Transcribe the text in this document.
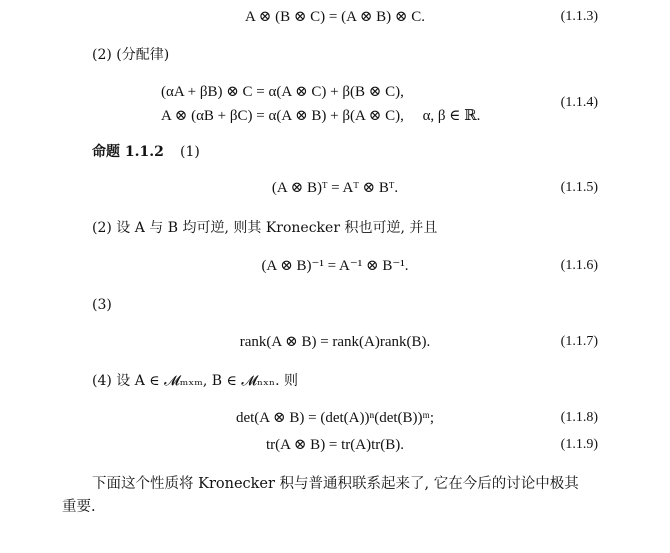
A ⊗ (B ⊗ C) = (A ⊗ B) ⊗ C.	(1.1.3)
(2) (分配律)
(αA + βB) ⊗ C = α(A ⊗ C) + β(B ⊗ C),
A ⊗ (αB + βC) = α(A ⊗ B) + β(A ⊗ C),     α, β ∈ ℝ.
(1.1.4)
命题 1.1.2 (1)
(A ⊗ B)ᵀ = Aᵀ ⊗ Bᵀ.	(1.1.5)
(2) 设 A 与 B 均可逆, 则其 Kronecker 积也可逆, 并且
(A ⊗ B)⁻¹ = A⁻¹ ⊗ B⁻¹.	(1.1.6)
(3)
rank(A ⊗ B) = rank(A)rank(B).	(1.1.7)
(4) 设 A ∈ 𝓜ₘₓₘ, B ∈ 𝓜ₙₓₙ. 则
det(A ⊗ B) = (det(A))ⁿ(det(B))ᵐ;	(1.1.8)
tr(A ⊗ B) = tr(A)tr(B).	(1.1.9)
下面这个性质将 Kronecker 积与普通积联系起来了, 它在今后的讨论中极其
重要.
